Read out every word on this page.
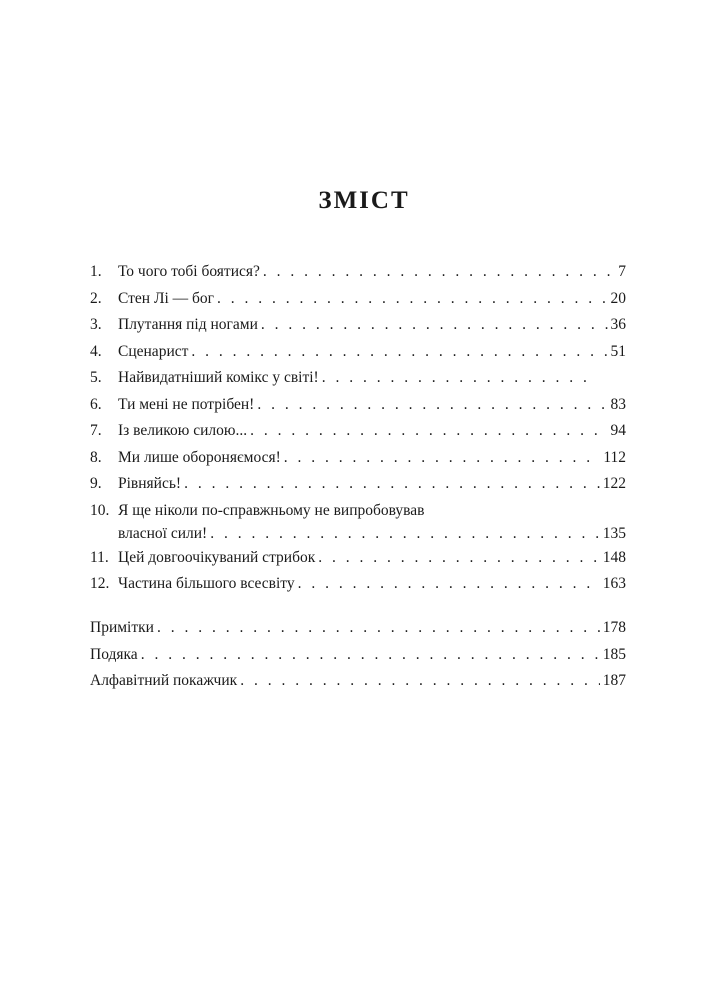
ЗМІСТ
1.	То чого тобі боятися? . . .	7
2.	Стен Лі — бог . . .	20
3.	Плутання під ногами . . .	36
4.	Сценарист . . .	51
5.	Найвидатніший комікс у світі!
. . .
6.	Ти мені не потрібен! . . .	83
7.	Із великою силою... . . .	94
8.	Ми лише обороняємося! . . .	112
9.	Рівняйсь! . . .	122
10. Я ще ніколи по-справжньому не випробовував
власної сили! . . .	135
11. Цей довгоочікуваний стрибок . . .	148
12. Частина більшого всесвіту . . .	163
Примітки . . .	178
Подяка . . .	185
Алфавітний покажчик . . .	187
